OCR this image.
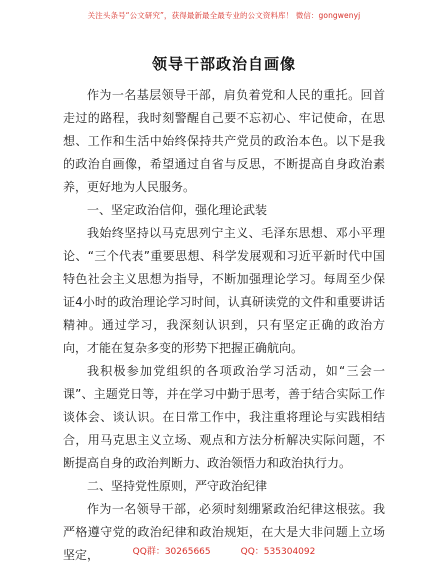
关注头条号“公文研究”，获得最新最全最专业的公文资料库！ 微信：gongwenyj
领导干部政治自画像

作为一名基层领导干部，肩负着党和人民的重托。回首走过的路程，我时刻警醒自己要不忘初心、牢记使命，在思想、工作和生活中始终保持共产党员的政治本色。以下是我的政治自画像，希望通过自省与反思，不断提高自身政治素养，更好地为人民服务。

一、坚定政治信仰，强化理论武装

我始终坚持以马克思列宁主义、毛泽东思想、邓小平理论、“三个代表”重要思想、科学发展观和习近平新时代中国特色社会主义思想为指导，不断加强理论学习。每周至少保证4小时的政治理论学习时间，认真研读党的文件和重要讲话精神。通过学习，我深刻认识到，只有坚定正确的政治方向，才能在复杂多变的形势下把握正确航向。

我积极参加党组织的各项政治学习活动，如“三会一课”、主题党日等，并在学习中勤于思考，善于结合实际工作谈体会、谈认识。在日常工作中，我注重将理论与实践相结合，用马克思主义立场、观点和方法分析解决实际问题，不断提高自身的政治判断力、政治领悟力和政治执行力。

二、坚持党性原则，严守政治纪律

作为一名领导干部，必须时刻绷紧政治纪律这根弦。我严格遵守党的政治纪律和政治规矩，在大是大非问题上立场坚定，	QQ群：30265665	QQ：535304092
